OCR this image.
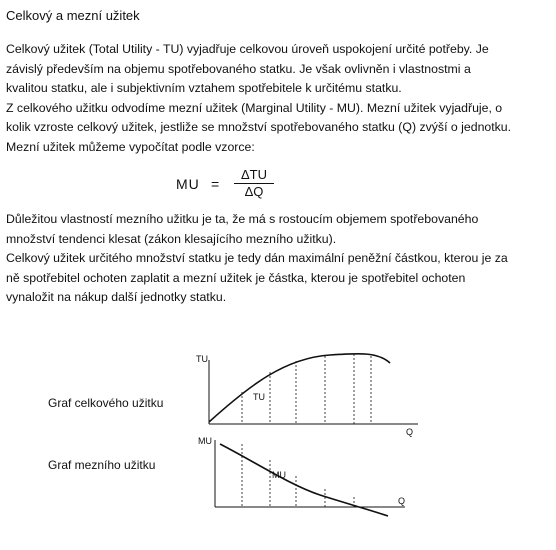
Celkový a mezní užitek
Celkový užitek (Total Utility - TU) vyjadřuje celkovou úroveň uspokojení určité potřeby. Je
závislý především na objemu spotřebovaného statku. Je však ovlivněn i vlastnostmi a
kvalitou statku, ale i subjektivním vztahem spotřebitele k určitému statku.
Z celkového užitku odvodíme mezní užitek (Marginal Utility - MU). Mezní užitek vyjadřuje, o
kolik vzroste celkový užitek, jestliže se množství spotřebovaného statku (Q) zvýší o jednotku.
Mezní užitek můžeme vypočítat podle vzorce:
MU =
ΔTU
ΔQ
Důležitou vlastností mezního užitku je ta, že má s rostoucím objemem spotřebovaného
množství tendenci klesat (zákon klesajícího mezního užitku).
Celkový užitek určitého množství statku je tedy dán maximální peněžní částkou, kterou je za
ně spotřebitel ochoten zaplatit a mezní užitek je částka, kterou je spotřebitel ochoten
vynaložit na nákup další jednotky statku.
Graf celkového užitku
Graf mezního užitku
TU
TU
Q
MU
MU
Q
